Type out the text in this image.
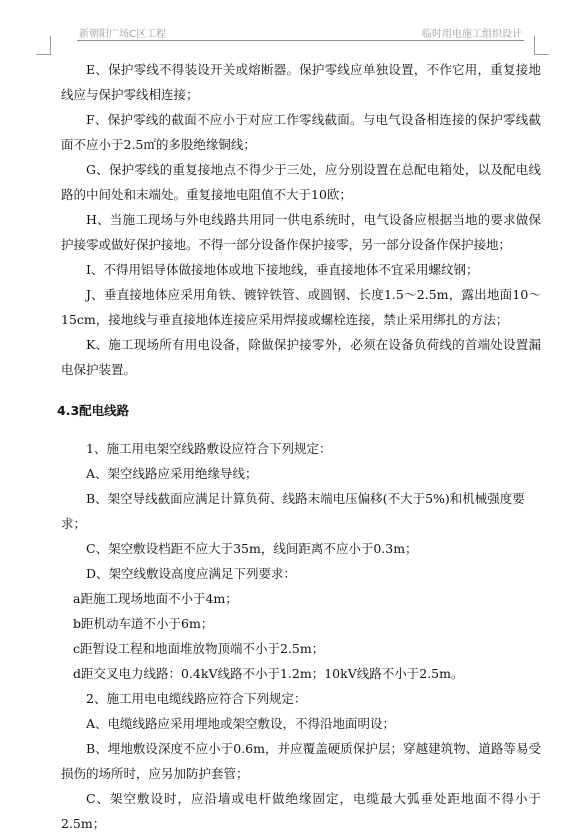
新朝阳广场C区工程	临时用电施工组织设计

E、保护零线不得装设开关或熔断器。保护零线应单独设置，不作它用，重复接地线应与保护零线相连接；

F、保护零线的截面不应小于对应工作零线截面。与电气设备相连接的保护零线截面不应小于2.5㎡的多股绝缘铜线；

G、保护零线的重复接地点不得少于三处，应分别设置在总配电箱处，以及配电线路的中间处和末端处。重复接地电阻值不大于10欧；

H、当施工现场与外电线路共用同一供电系统时，电气设备应根据当地的要求做保护接零或做好保护接地。不得一部分设备作保护接零，另一部分设备作保护接地；

I、不得用铝导体做接地体或地下接地线，垂直接地体不宜采用螺纹钢；

J、垂直接地体应采用角铁、镀锌铁管、或圆钢、长度1.5～2.5m，露出地面10～15cm，接地线与垂直接地体连接应采用焊接或螺栓连接，禁止采用绑扎的方法；

K、施工现场所有用电设备，除做保护接零外，必须在设备负荷线的首端处设置漏电保护装置。

4.3配电线路

1、施工用电架空线路敷设应符合下列规定：

A、架空线路应采用绝缘导线；

B、架空导线截面应满足计算负荷、线路末端电压偏移(不大于5%)和机械强度要求；

C、架空敷设档距不应大于35m，线间距离不应小于0.3m；

D、架空线敷设高度应满足下列要求：

a距施工现场地面不小于4m；

b距机动车道不小于6m；

c距暂设工程和地面堆放物顶端不小于2.5m；

d距交叉电力线路：0.4kV线路不小于1.2m；10kV线路不小于2.5m。

2、施工用电电缆线路应符合下列规定：

A、电缆线路应采用埋地或架空敷设，不得沿地面明设；

B、埋地敷设深度不应小于0.6m，并应覆盖硬质保护层；穿越建筑物、道路等易受损伤的场所时，应另加防护套管；

C、架空敷设时，应沿墙或电杆做绝缘固定，电缆最大弧垂处距地面不得小于2.5m；
